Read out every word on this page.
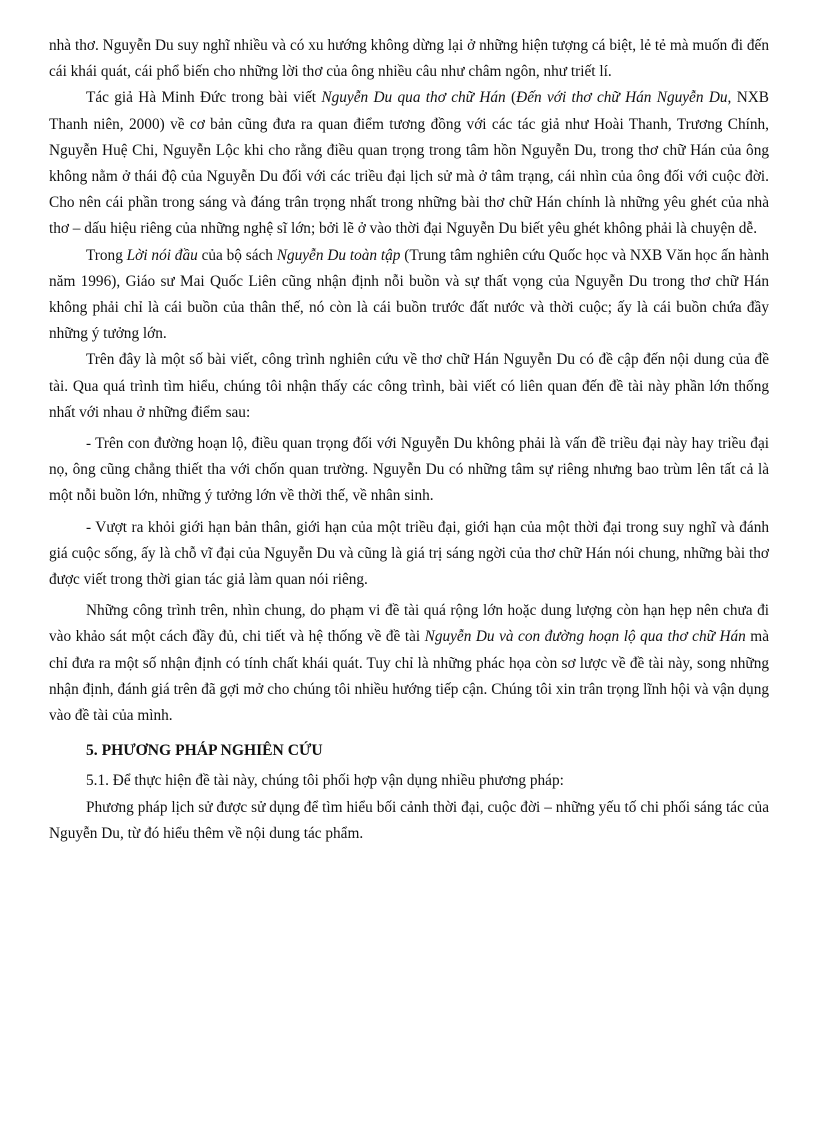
nhà thơ. Nguyễn Du suy nghĩ nhiều và có xu hướng không dừng lại ở những hiện tượng cá biệt, lẻ tẻ mà muốn đi đến cái khái quát, cái phổ biến cho những lời thơ của ông nhiều câu như châm ngôn, như triết lí.

Tác giả Hà Minh Đức trong bài viết Nguyễn Du qua thơ chữ Hán (Đến với thơ chữ Hán Nguyễn Du, NXB Thanh niên, 2000) về cơ bản cũng đưa ra quan điểm tương đồng với các tác giả như Hoài Thanh, Trương Chính, Nguyễn Huệ Chi, Nguyễn Lộc khi cho rằng điều quan trọng trong tâm hồn Nguyễn Du, trong thơ chữ Hán của ông không nằm ở thái độ của Nguyễn Du đối với các triều đại lịch sử mà ở tâm trạng, cái nhìn của ông đối với cuộc đời. Cho nên cái phần trong sáng và đáng trân trọng nhất trong những bài thơ chữ Hán chính là những yêu ghét của nhà thơ – dấu hiệu riêng của những nghệ sĩ lớn; bởi lẽ ở vào thời đại Nguyễn Du biết yêu ghét không phải là chuyện dễ.

Trong Lời nói đầu của bộ sách Nguyễn Du toàn tập (Trung tâm nghiên cứu Quốc học và NXB Văn học ấn hành năm 1996), Giáo sư Mai Quốc Liên cũng nhận định nỗi buồn và sự thất vọng của Nguyễn Du trong thơ chữ Hán không phải chỉ là cái buồn của thân thế, nó còn là cái buồn trước đất nước và thời cuộc; ấy là cái buồn chứa đầy những ý tưởng lớn.

Trên đây là một số bài viết, công trình nghiên cứu về thơ chữ Hán Nguyễn Du có đề cập đến nội dung của đề tài. Qua quá trình tìm hiểu, chúng tôi nhận thấy các công trình, bài viết có liên quan đến đề tài này phần lớn thống nhất với nhau ở những điểm sau:

- Trên con đường hoạn lộ, điều quan trọng đối với Nguyễn Du không phải là vấn đề triều đại này hay triều đại nọ, ông cũng chẳng thiết tha với chốn quan trường. Nguyễn Du có những tâm sự riêng nhưng bao trùm lên tất cả là một nỗi buồn lớn, những ý tưởng lớn về thời thế, về nhân sinh.

- Vượt ra khỏi giới hạn bản thân, giới hạn của một triều đại, giới hạn của một thời đại trong suy nghĩ và đánh giá cuộc sống, ấy là chỗ vĩ đại của Nguyễn Du và cũng là giá trị sáng ngời của thơ chữ Hán nói chung, những bài thơ được viết trong thời gian tác giả làm quan nói riêng.

Những công trình trên, nhìn chung, do phạm vi đề tài quá rộng lớn hoặc dung lượng còn hạn hẹp nên chưa đi vào khảo sát một cách đầy đủ, chi tiết và hệ thống về đề tài Nguyễn Du và con đường hoạn lộ qua thơ chữ Hán mà chỉ đưa ra một số nhận định có tính chất khái quát. Tuy chỉ là những phác họa còn sơ lược về đề tài này, song những nhận định, đánh giá trên đã gợi mở cho chúng tôi nhiều hướng tiếp cận. Chúng tôi xin trân trọng lĩnh hội và vận dụng vào đề tài của mình.

5. PHƯƠNG PHÁP NGHIÊN CỨU

5.1. Để thực hiện đề tài này, chúng tôi phối hợp vận dụng nhiều phương pháp:

Phương pháp lịch sử được sử dụng để tìm hiểu bối cảnh thời đại, cuộc đời – những yếu tố chi phối sáng tác của Nguyễn Du, từ đó hiểu thêm về nội dung tác phẩm.
